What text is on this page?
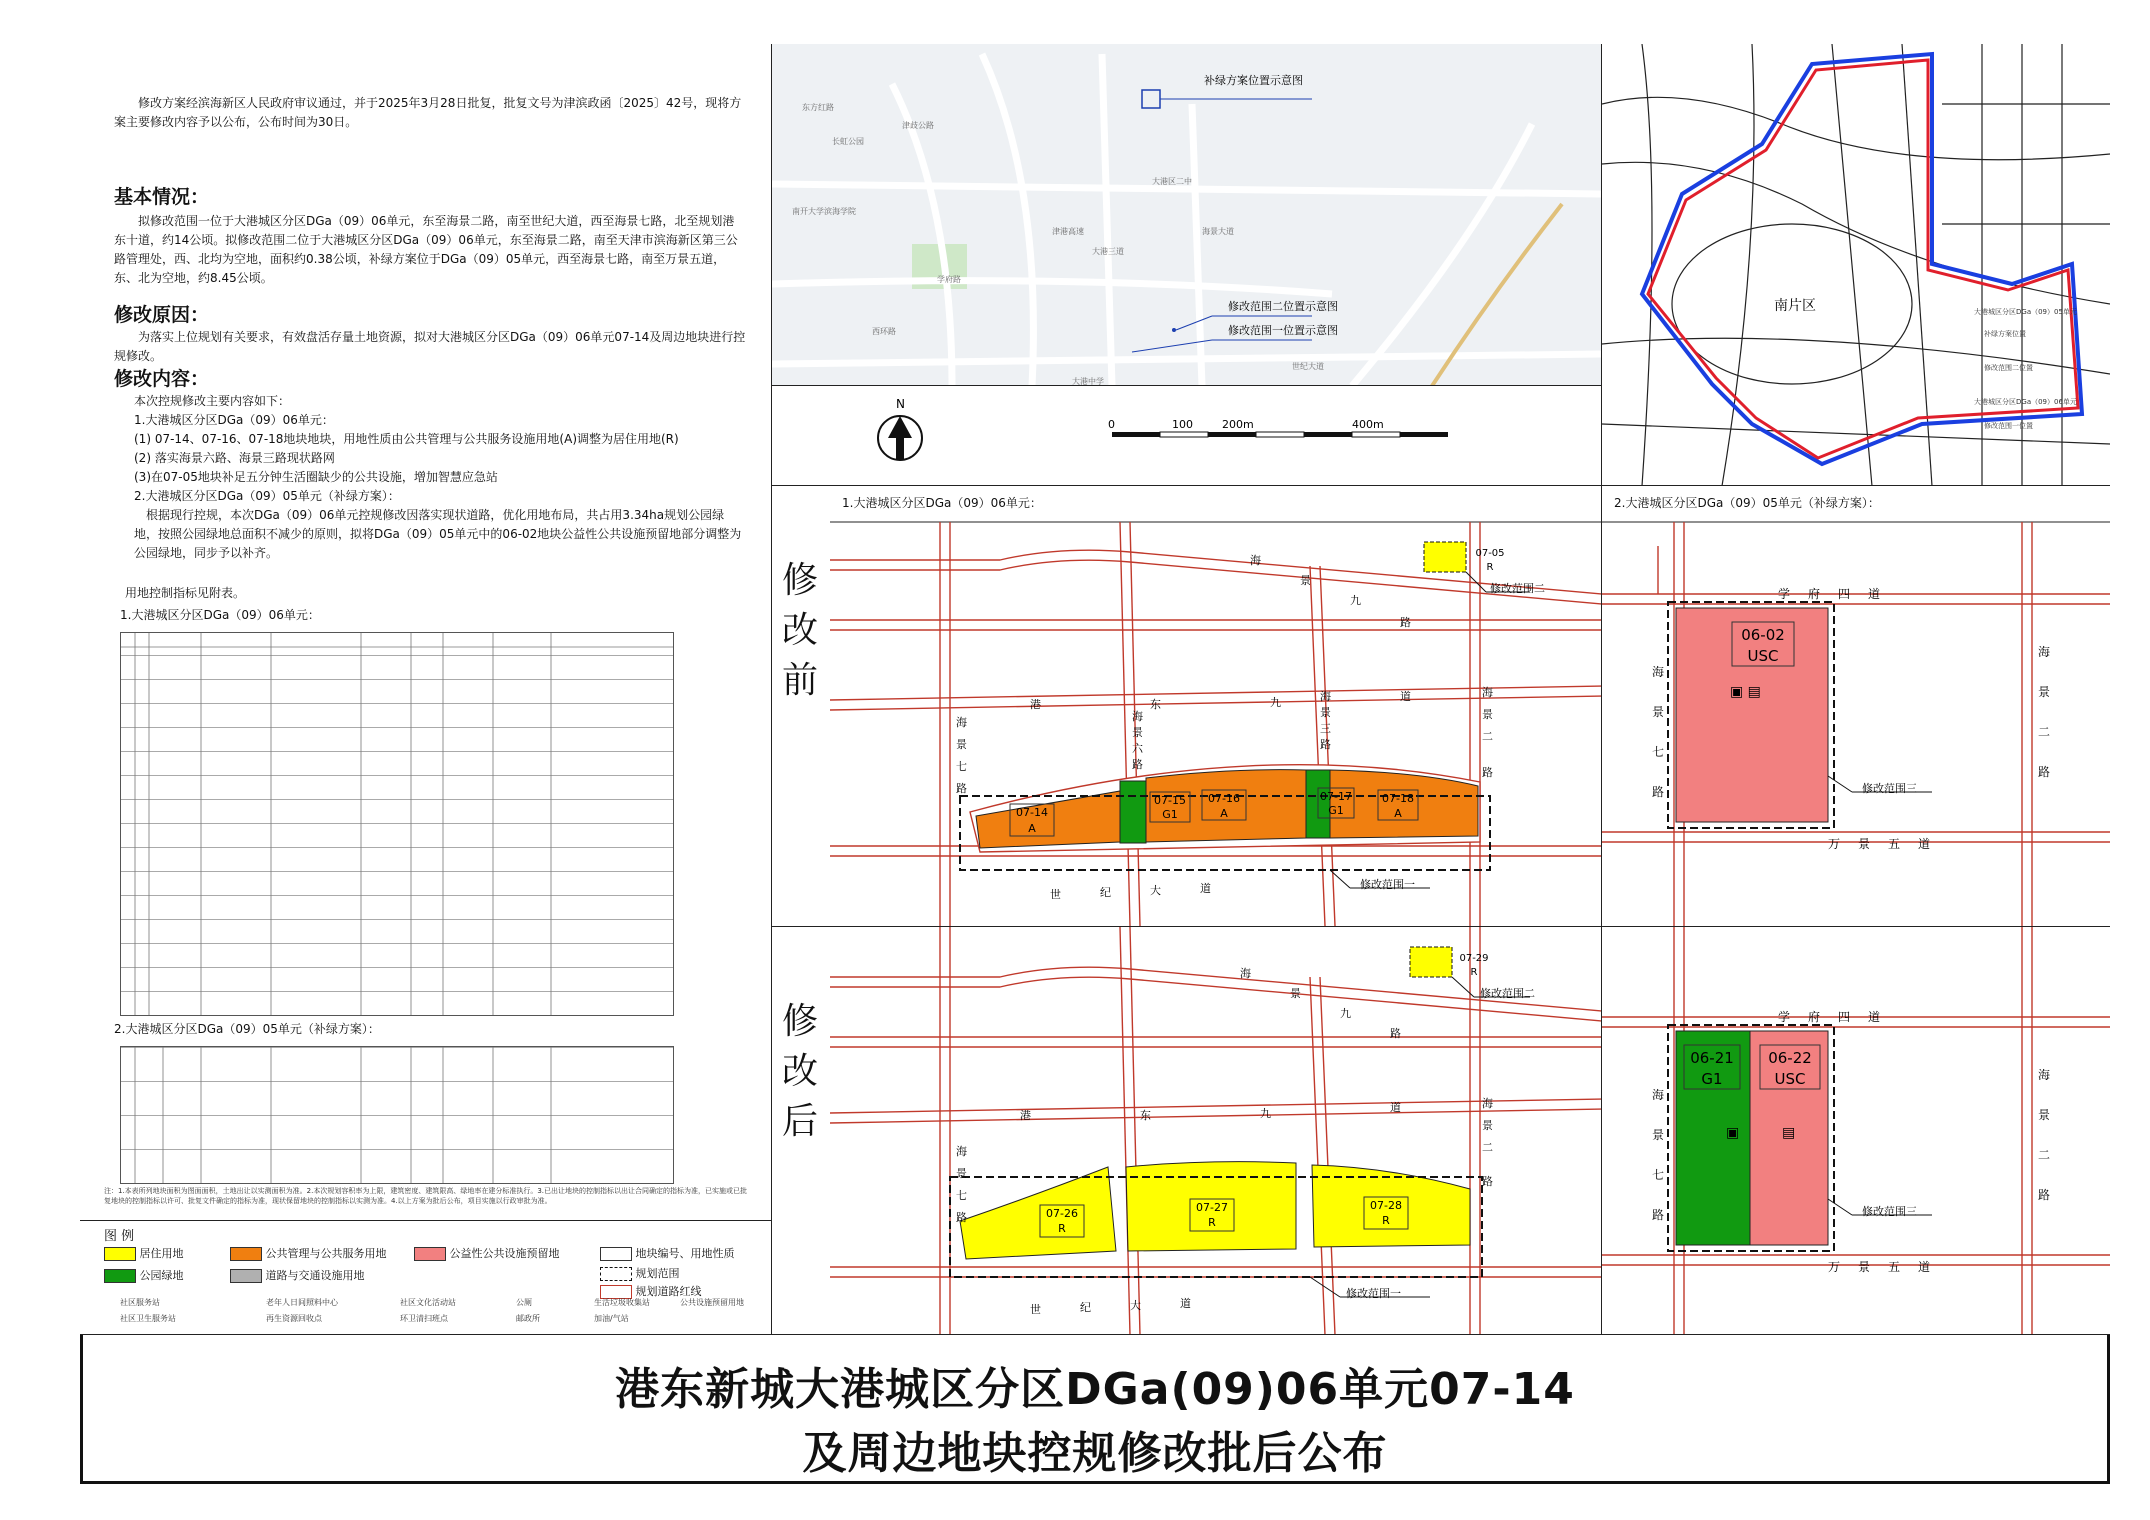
修改方案经滨海新区人民政府审议通过，并于2025年3月28日批复，批复文号为津滨政函〔2025〕42号，现将方案主要修改内容予以公布，公布时间为30日。
基本情况：
拟修改范围一位于大港城区分区DGa（09）06单元，东至海景二路，南至世纪大道，西至海景七路，北至规划港东十道，约14公顷。拟修改范围二位于大港城区分区DGa（09）06单元，东至海景二路，南至天津市滨海新区第三公路管理处，西、北均为空地，面积约0.38公顷，补绿方案位于DGa（09）05单元，西至海景七路，南至万景五道，东、北为空地，约8.45公顷。
修改原因：
为落实上位规划有关要求，有效盘活存量土地资源，拟对大港城区分区DGa（09）06单元07-14及周边地块进行控规修改。
修改内容：
本次控规修改主要内容如下：
1.大港城区分区DGa（09）06单元：
(1) 07-14、07-16、07-18地块地块，用地性质由公共管理与公共服务设施用地(A)调整为居住用地(R)
(2) 落实海景六路、海景三路现状路网
(3)在07-05地块补足五分钟生活圈缺少的公共设施，增加智慧应急站
2.大港城区分区DGa（09）05单元（补绿方案）：
根据现行控规，本次DGa（09）06单元控规修改因落实现状道路，优化用地布局，共占用3.34ha规划公园绿地，按照公园绿地总面积不减少的原则，拟将DGa（09）05单元中的06-02地块公益性公共设施预留地部分调整为公园绿地，同步予以补齐。
用地控制指标见附表。
1.大港城区分区DGa（09）06单元：
2.大港城区分区DGa（09）05单元（补绿方案）：
注：1.本表所列地块面积为图面面积，土地出让以实测面积为准。2.本次规划容积率为上限，建筑密度、建筑限高、绿地率在建分标准执行。3.已出让地块的控制指标以出让合同确定的指标为准，已实施或已批复地块的控制指标以许可、批复文件确定的指标为准，现状保留地块的控制指标以实测为准。4.以上方案为批后公布，项目实施以行政审批为准。
补绿方案位置示意图
修改范围二位置示意图
修改范围一位置示意图
东方红路
长虹公园
津歧公路
南开大学滨海学院
学府路
津港高速	海景大道
世纪大道
西环路
大港区二中
大港中学
大港三道
N
0	100	200m	400m
南片区	大港城区分区DGa（09）05单元
补绿方案位置
修改范围二位置
大港城区分区DGa（09）06单元
修改范围一位置
修改前
修改后
1.大港城区分区DGa（09）06单元：
07-14
A
07-15
G1
07-16
A
07-17
G1
07-18
A
07-05
R
修改范围二
修改范围一
海
景
九
路
港	东	九	道
海
景
七
路
海
景
六
路
海
景
三
路
海
景
二
路
世	纪	大	道
07-26
R
07-27
R
07-28
R
07-29
R
修改范围二
修改范围一
海
景
九
路
港	东	九	道
海
景
七
路
海
景
二
路
世	纪	大	道
2.大港城区分区DGa（09）05单元（补绿方案）：
06-02
USC
▣ ▤
修改范围三
学 府 四 道
万 景 五 道
海
景
七
路
海
景
二
路
06-21
G1
06-22
USC
▣	▤
修改范围三
学 府 四 道
万 景 五 道
海
景
七
路
海
景
二
路
图 例
居住用地	公共管理与公共服务用地	公益性公共设施预留地	地块编号、用地性质
公园绿地	道路与交通设施用地	规划范围
规划道路红线
社区服务站
社区卫生服务站
老年人日间照料中心
再生资源回收点
社区文化活动站
环卫清扫班点
公厕
邮政所
生活垃圾收集站
加油/气站
公共设施预留用地
港东新城大港城区分区DGa(09)06单元07-14
及周边地块控规修改批后公布
